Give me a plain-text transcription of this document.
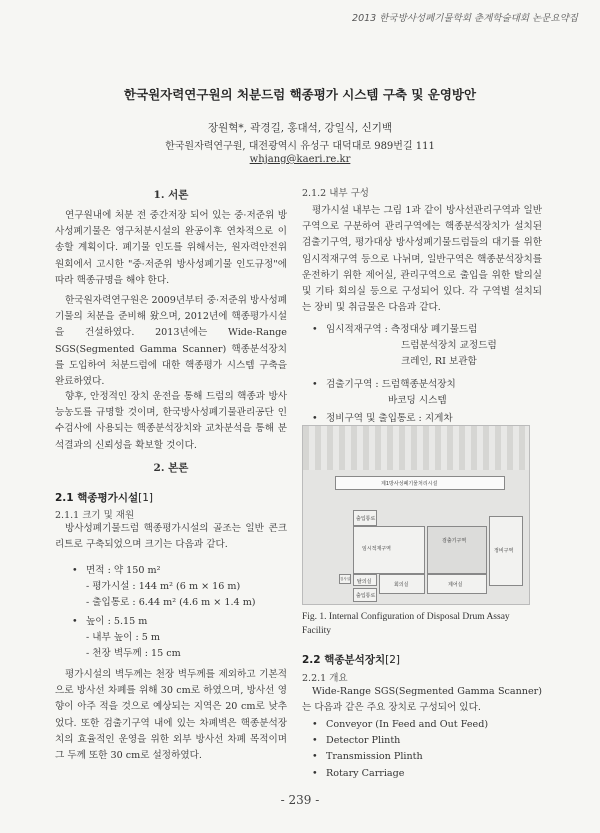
2013 한국방사성폐기물학회 춘계학술대회 논문요약집
한국원자력연구원의 처분드럼 핵종평가 시스템 구축 및 운영방안
장원혁*, 곽경길, 홍대석, 강일식, 신기백
한국원자력연구원, 대전광역시 유성구 대덕대로 989번길 111
whjang@kaeri.re.kr
1. 서론
연구원내에 처분 전 중간저장 되어 있는 중·저준위 방사성폐기물은 영구처분시설의 완공이후 연차적으로 이송할 계획이다. 폐기물 인도를 위해서는, 원자력안전위원회에서 고시한 "중·저준위 방사성폐기물 인도규정"에 따라 핵종규명을 해야 한다.
한국원자력연구원은 2009년부터 중·저준위 방사성폐기물의 처분을 준비해 왔으며, 2012년에 핵종평가시설을 건설하였다. 2013년에는 Wide-Range SGS(Segmented Gamma Scanner) 핵종분석장치를 도입하여 처분드럼에 대한 핵종평가 시스템 구축을 완료하였다.
향후, 안정적인 장치 운전을 통해 드럼의 핵종과 방사능농도를 규명할 것이며, 한국방사성폐기물관리공단 인수검사에 사용되는 핵종분석장치와 교차분석을 통해 분석결과의 신뢰성을 확보할 것이다.
2. 본론
2.1 핵종평가시설[1]
2.1.1 크기 및 재원
방사성폐기물드럼 핵종평가시설의 골조는 일반 콘크리트로 구축되었으며 크기는 다음과 같다.
• 면적 : 약 150 m²
- 평가시설 : 144 m² (6 m × 16 m)
- 출입통로 : 6.44 m² (4.6 m × 1.4 m)
• 높이 : 5.15 m
- 내부 높이 : 5 m
- 천장 벽두께 : 15 cm
평가시설의 벽두께는 천장 벽두께를 제외하고 기본적으로 방사선 차폐를 위해 30 cm로 하였으며, 방사선 영향이 아주 적을 것으로 예상되는 지역은 20 cm로 낮추었다. 또한 검출기구역 내에 있는 차폐벽은 핵종분석장치의 효율적인 운영을 위한 외부 방사선 차폐 목적이며 그 두께 또한 30 cm로 설정하였다.
2.1.2 내부 구성
평가시설 내부는 그림 1과 같이 방사선관리구역과 일반구역으로 구분하여 관리구역에는 핵종분석장치가 설치된 검출기구역, 평가대상 방사성폐기물드럼들의 대기를 위한 임시적재구역 등으로 나뉘며, 일반구역은 핵종분석장치를 운전하기 위한 제어실, 관리구역으로 출입을 위한 탈의실 및 기타 회의실 등으로 구성되어 있다. 각 구역별 설치되는 장비 및 취급물은 다음과 같다.
• 임시적재구역 : 측정대상 폐기물드럼
드럼분석장치 교정드럼
크레인, RI 보관함
• 검출기구역 : 드럼핵종분석장치
바코딩 시스템
• 정비구역 및 출입통로 : 지게차
제1방사성폐기물처리시설
출입통로
임시적재구역
검출기구역
정비구역
탈의실	회의실	제어실
출입통로
검사실
Fig. 1. Internal Configuration of Disposal Drum Assay Facility
2.2 핵종분석장치[2]
2.2.1 개요
Wide-Range SGS(Segmented Gamma Scanner)는 다음과 같은 주요 장치로 구성되어 있다.
• Conveyor (In Feed and Out Feed)
• Detector Plinth
• Transmission Plinth
• Rotary Carriage
- 239 -
